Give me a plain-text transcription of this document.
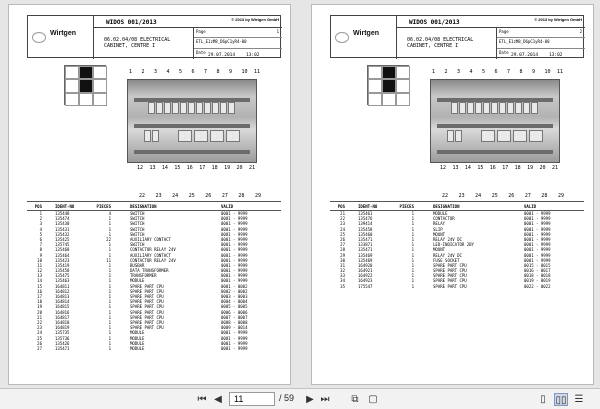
Wirtgen
WIDOS 001/2013	© 2013 by Wirtgen GmbH
06.02.04/08 ELECTRICAL
CABINET, CENTRE I
Page	1
ETL_E1zM8_D6pC1yR4-00
Date
29.07.2014 13:02
POS	IDENT-NO	PIECES	DESIGNATION	VALID
1	135448	4	SWITCH	0001 - 9999
2	135474	1	SWITCH	0001 - 9999
3	135430	1	SWITCH	0001 - 9999
4	135431	1	SWITCH	0001 - 9999
5	135432	1	SWITCH	0001 - 9999
6	135425	22	AUXILIARY CONTACT	0001 - 9999
7	135745	1	SWITCH	0001 - 9999
8	135468	1	CONTACTOR RELAY 24V	0001 - 9999
9	135464	1	AUXILIARY CONTACT	0001 - 9999
10	135423	11	CONTACTOR RELAY 24V	0001 - 9999
11	135419	1	BUSBAR	0001 - 9999
12	135458	1	DATA TRANSFORMER	0001 - 9999
13	135475	1	TRANSFORMER	0001 - 9999
14	135463	1	MODULE	0001 - 9999
15	164811	1	SPARE PART CPU	0001 - 0002
16	164812	1	SPARE PART CPU	0002 - 0002
17	164813	1	SPARE PART CPU	0003 - 0003
18	164814	1	SPARE PART CPU	0004 - 0004
19	164815	1	SPARE PART CPU	0005 - 0005
20	164816	1	SPARE PART CPU	0006 - 0006
21	164817	1	SPARE PART CPU	0007 - 0007
22	164818	1	SPARE PART CPU	0008 - 0008
23	164819	1	SPARE PART CPU	0009 - 0014
24	135735	1	MODULE	0001 - 9999
25	135736	1	MODULE	0001 - 9999
26	135426	1	MODULE	0001 - 9999
27	135471	1	MODULE	0001 - 9999
1 2 3 4 5 6 7 8 9 10 11
12 13 14 15 16 17 18 19 20 21
22 23 24 25 26 27 28 29
Wirtgen
WIDOS 001/2013	© 2013 by Wirtgen GmbH
06.02.04/08 ELECTRICAL
CABINET, CENTRE I
Page	2
ETL_E1zM8_D6pC1yR4-00
Date
29.07.2014 13:02
POS	IDENT-NO	PIECES	DESIGNATION	VALID
21	135461	1	MODULE	0001 - 9999
22	135476	1	CONTACTOR	0001 - 9999
23	139414	1	RELAY	0001 - 9999
24	135458	1	SLIP	0001 - 9999
25	135460	1	MOUNT	0001 - 9999
26	135471	1	RELAY 24V DC	0001 - 9999
27	133871	1	LED-INDICATOR 2BY	0001 - 9999
28	135471	1	MOUNT	0001 - 9999
29	135469	1	RELAY 24V DC	0001 - 9999
30	135469	1	FUSE SOCKET	0001 - 9999
31	164920	1	SPARE PART CPU	0015 - 0015
32	164921	1	SPARE PART CPU	0016 - 0017
33	164922	1	SPARE PART CPU	0018 - 0018
34	164923	1	SPARE PART CPU	0019 - 0019
35	175547	1	SPARE PART CPU	0022 - 0022
1 2 3 4 5 6 7 8 9 10 11
12 13 14 15 16 17 18 19 20 21
22 23 24 25 26 27 28 29
⏮ ◀	11	/ 59 ▶ ⏭	⧉ ▢	▯ ▯▯ ☰
